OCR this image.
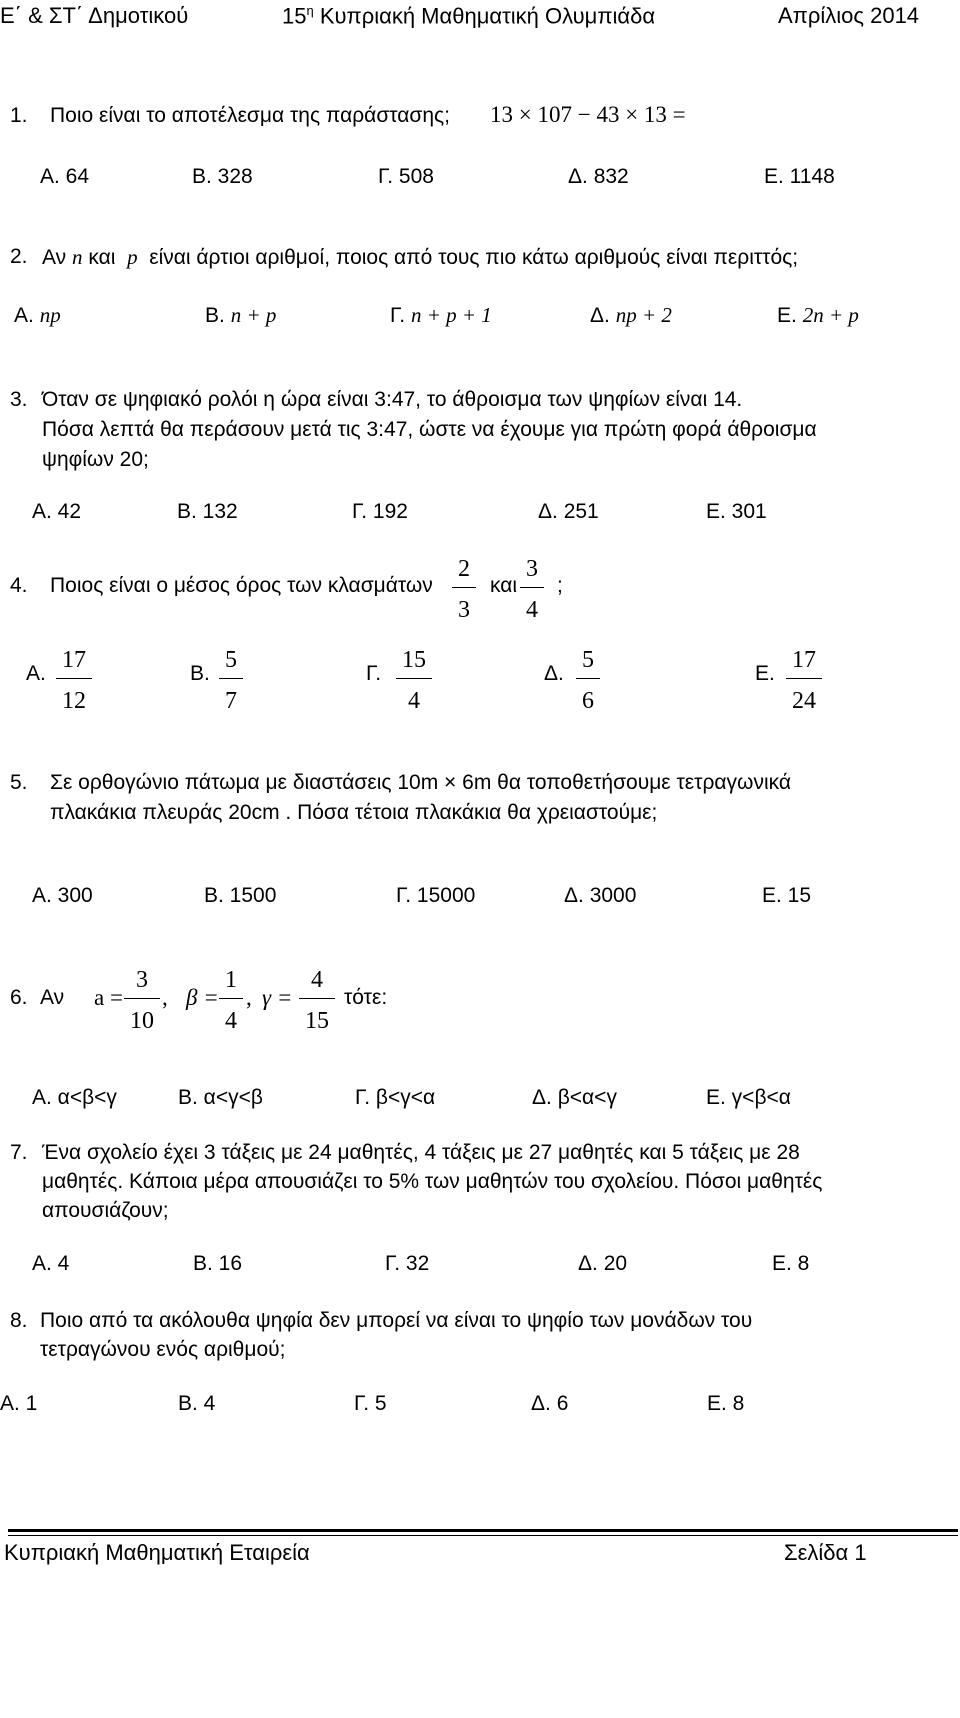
Ε΄ & ΣΤ΄ Δημοτικού	$15^\eta$ Κυπριακή Μαθηματική Ολυμπιάδα	Απρίλιος 2014
1. Ποιο είναι το αποτέλεσμα της παράστασης; 13 × 107 − 43 × 13 =
Α. 64	Β. 328	Γ. 508	Δ. 832	Ε. 1148
2. Αν n και p είναι άρτιοι αριθμοί, ποιος από τους πιο κάτω αριθμούς είναι περιττός;
Α. np	Β. n + p	Γ. n + p + 1	Δ. np + 2	Ε. 2n + p
3. Όταν σε ψηφιακό ρολόι η ώρα είναι 3:47, το άθροισμα των ψηφίων είναι 14.
Πόσα λεπτά θα περάσουν μετά τις 3:47, ώστε να έχουμε για πρώτη φορά άθροισμα
ψηφίων 20;
Α. 42	Β. 132	Γ. 192	Δ. 251	Ε. 301
4. Ποιος είναι ο μέσος όρος των κλασμάτων
2
3
και
3
4
;
Α.
17
12
Β.
5
7
Γ.
15
4
Δ.
5
6
Ε.
17
24
5. Σε ορθογώνιο πάτωμα με διαστάσεις 10m × 6m θα τοποθετήσουμε τετραγωνικά
πλακάκια πλευράς 20cm . Πόσα τέτοια πλακάκια θα χρειαστούμε;
Α. 300	Β. 1500	Γ. 15000	Δ. 3000	Ε. 15
6. Αν a =
3
10
, β =
1
4
, γ =
4
15
τότε:
Α. α<β<γ	Β. α<γ<β	Γ. β<γ<α	Δ. β<α<γ	Ε. γ<β<α
7. Ένα σχολείο έχει 3 τάξεις με 24 μαθητές, 4 τάξεις με 27 μαθητές και 5 τάξεις με 28
μαθητές. Κάποια μέρα απουσιάζει το 5% των μαθητών του σχολείου. Πόσοι μαθητές
απουσιάζουν;
Α. 4	Β. 16	Γ. 32	Δ. 20	Ε. 8
8. Ποιο από τα ακόλουθα ψηφία δεν μπορεί να είναι το ψηφίο των μονάδων του
τετραγώνου ενός αριθμού;
Α. 1	Β. 4	Γ. 5	Δ. 6	Ε. 8
Κυπριακή Μαθηματική Εταιρεία	Σελίδα 1
